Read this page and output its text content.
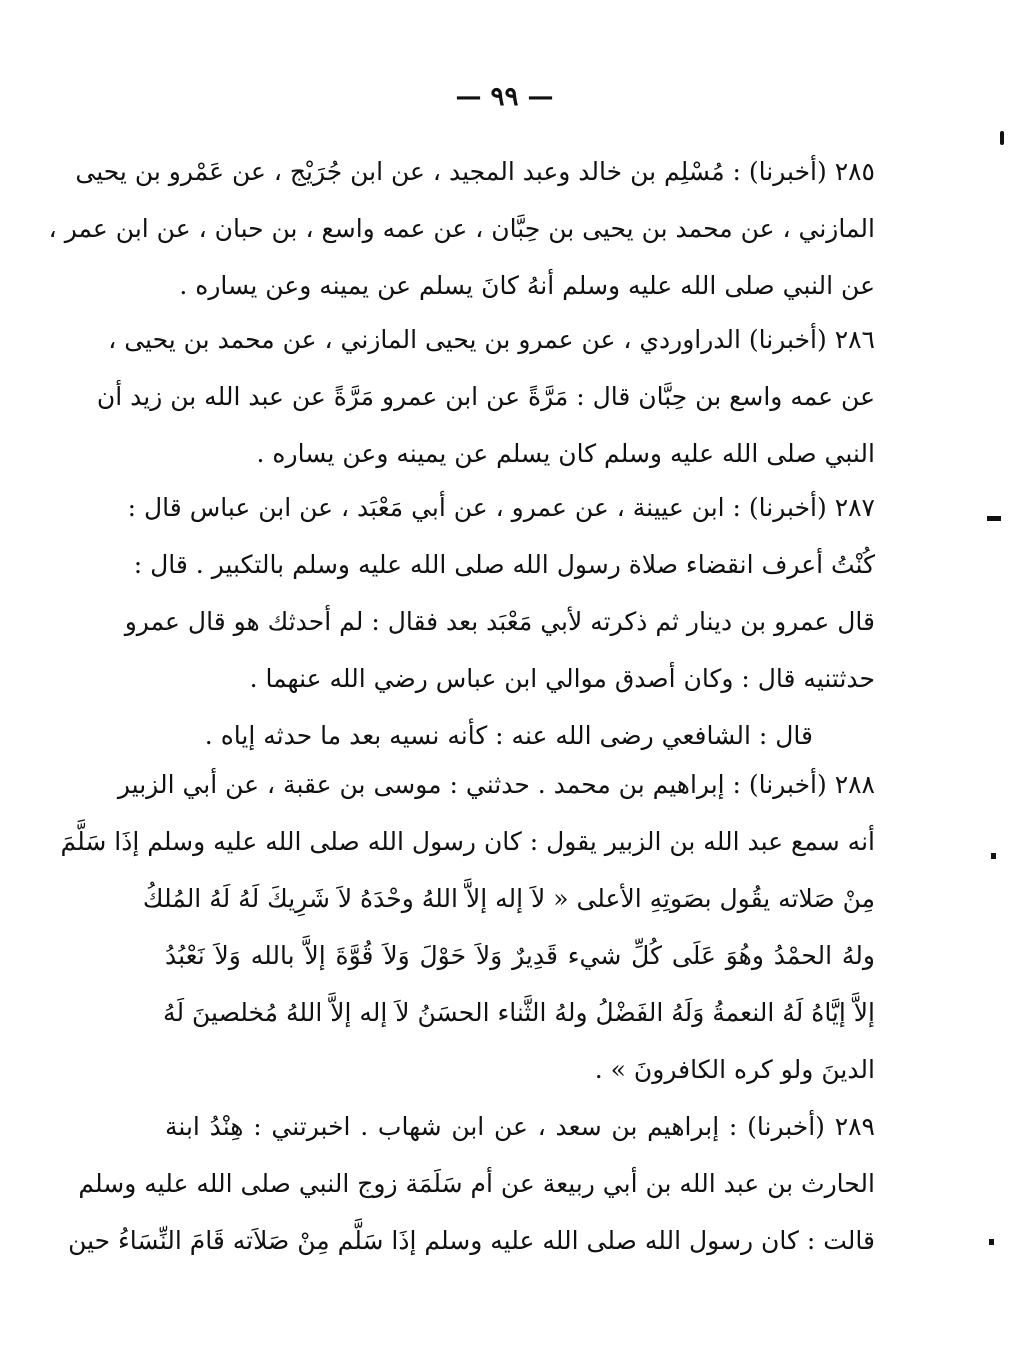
— ٩٩ —
٢٨٥ (أخبرنا) : مُسْلِم بن خالد وعبد المجيد ، عن ابن جُرَيْج ، عن عَمْرو بن يحيى
المازني ، عن محمد بن يحيى بن حِبَّان ، عن عمه واسع ، بن حبان ، عن ابن عمر ،
عن النبي صلى الله عليه وسلم أنهُ كانَ يسلم عن يمينه وعن يساره .
٢٨٦ (أخبرنا) الدراوردي ، عن عمرو بن يحيى المازني ، عن محمد بن يحيى ،
عن عمه واسع بن حِبَّان قال : مَرَّةً عن ابن عمرو مَرَّةً عن عبد الله بن زيد أن
النبي صلى الله عليه وسلم كان يسلم عن يمينه وعن يساره .
٢٨٧ (أخبرنا) : ابن عيينة ، عن عمرو ، عن أبي مَعْبَد ، عن ابن عباس قال :
كُنْتُ أعرف انقضاء صلاة رسول الله صلى الله عليه وسلم بالتكبير . قال :
قال عمرو بن دينار ثم ذكرته لأبي مَعْبَد بعد فقال : لم أحدثك هو قال عمرو
حدثتنيه قال : وكان أصدق موالي ابن عباس رضي الله عنهما .
قال : الشافعي رضى الله عنه : كأنه نسيه بعد ما حدثه إياه .
٢٨٨ (أخبرنا) : إبراهيم بن محمد . حدثني : موسى بن عقبة ، عن أبي الزبير
أنه سمع عبد الله بن الزبير يقول : كان رسول الله صلى الله عليه وسلم إذَا سَلَّمَ
مِنْ صَلاته يقُول بصَوتِهِ الأعلى « لاَ إله إلاَّ اللهُ وحْدَهُ لاَ شَرِيكَ لَهُ لَهُ المُلكُ
ولهُ الحمْدُ وهُوَ عَلَى كُلِّ شيء قَدِيرٌ وَلاَ حَوْلَ وَلاَ قُوَّةَ إلاَّ بالله وَلاَ نَعْبُدُ
إلاَّ إيَّاهُ لَهُ النعمةُ وَلَهُ الفَضْلُ ولهُ الثَّناء الحسَنُ لاَ إله إلاَّ اللهُ مُخلصينَ لَهُ
الدينَ ولو كره الكافرونَ » .
٢٨٩ (أخبرنا) : إبراهيم بن سعد ، عن ابن شهاب . اخبرتني : هِنْدُ ابنة
الحارث بن عبد الله بن أبي ربيعة عن أم سَلَمَة زوج النبي صلى الله عليه وسلم
قالت : كان رسول الله صلى الله عليه وسلم إذَا سَلَّم مِنْ صَلاَته قَامَ النِّسَاءُ حين
